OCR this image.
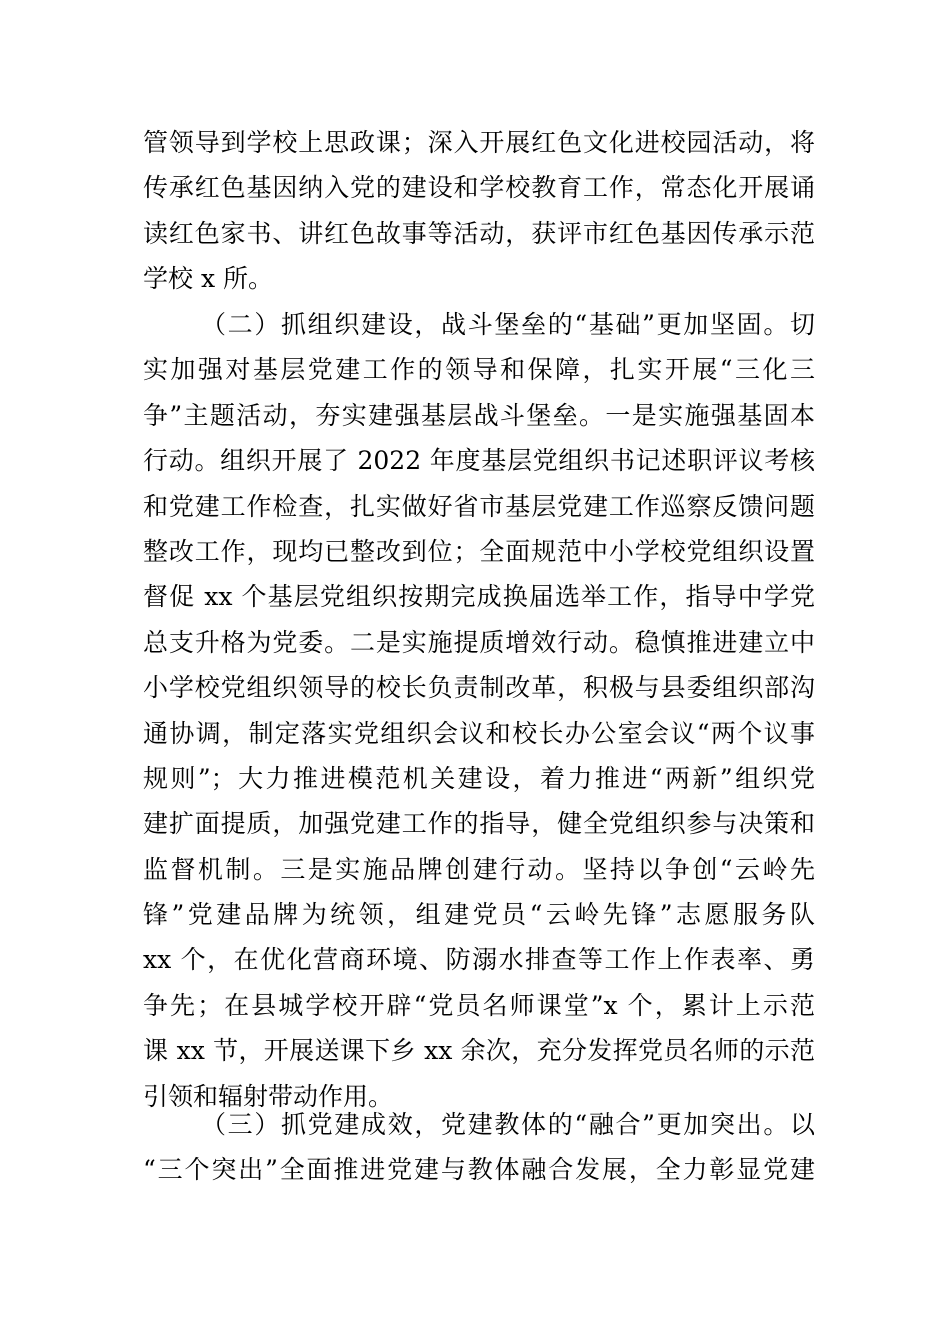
管领导到学校上思政课；深入开展红色文化进校园活动，将
传承红色基因纳入党的建设和学校教育工作，常态化开展诵
读红色家书、讲红色故事等活动，获评市红色基因传承示范
学校 x 所。
（二）抓组织建设，战斗堡垒的“基础”更加坚固。切
实加强对基层党建工作的领导和保障，扎实开展“三化三
争”主题活动，夯实建强基层战斗堡垒。一是实施强基固本
行动。组织开展了 2022 年度基层党组织书记述职评议考核
和党建工作检查，扎实做好省市基层党建工作巡察反馈问题
整改工作，现均已整改到位；全面规范中小学校党组织设置
督促 xx 个基层党组织按期完成换届选举工作，指导中学党
总支升格为党委。二是实施提质增效行动。稳慎推进建立中
小学校党组织领导的校长负责制改革，积极与县委组织部沟
通协调，制定落实党组织会议和校长办公室会议“两个议事
规则”；大力推进模范机关建设，着力推进“两新”组织党
建扩面提质，加强党建工作的指导，健全党组织参与决策和
监督机制。三是实施品牌创建行动。坚持以争创“云岭先
锋”党建品牌为统领，组建党员“云岭先锋”志愿服务队
xx 个，在优化营商环境、防溺水排查等工作上作表率、勇
争先；在县城学校开辟“党员名师课堂”x 个，累计上示范
课 xx 节，开展送课下乡 xx 余次，充分发挥党员名师的示范
引领和辐射带动作用。
（三）抓党建成效，党建教体的“融合”更加突出。以
“三个突出”全面推进党建与教体融合发展，全力彰显党建
